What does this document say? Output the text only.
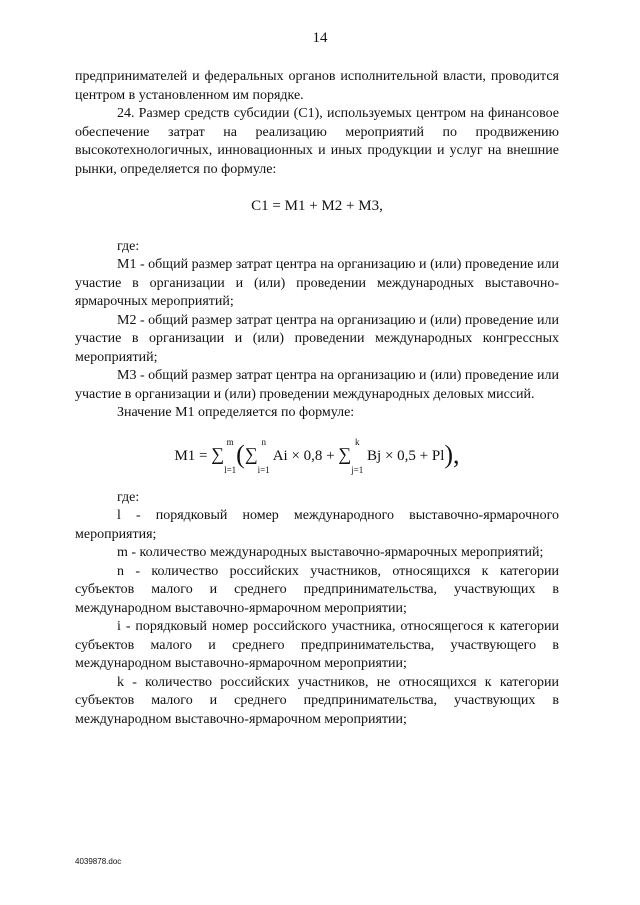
14

предпринимателей и федеральных органов исполнительной власти, проводится центром в установленном им порядке.

24. Размер средств субсидии (C1), используемых центром на финансовое обеспечение затрат на реализацию мероприятий по продвижению высокотехнологичных, инновационных и иных продукции и услуг на внешние рынки, определяется по формуле:

C1 = M1 + M2 + M3,

где:

M1 - общий размер затрат центра на организацию и (или) проведение или участие в организации и (или) проведении международных выставочно-ярмарочных мероприятий;

M2 - общий размер затрат центра на организацию и (или) проведение или участие в организации и (или) проведении международных конгрессных мероприятий;

M3 - общий размер затрат центра на организацию и (или) проведение или участие в организации и (или) проведении международных деловых миссий.

Значение M1 определяется по формуле:

M1 = ∑$^m$
$_{l=1}$(∑$^n$
$_{i=1}$ Ai × 0,8 + ∑$^k$
$_{j=1}$ Bj × 0,5 + Pl),

где:

l - порядковый номер международного выставочно-ярмарочного мероприятия;

m - количество международных выставочно-ярмарочных мероприятий;

n - количество российских участников, относящихся к категории субъектов малого и среднего предпринимательства, участвующих в международном выставочно-ярмарочном мероприятии;

i - порядковый номер российского участника, относящегося к категории субъектов малого и среднего предпринимательства, участвующего в международном выставочно-ярмарочном мероприятии;

k - количество российских участников, не относящихся к категории субъектов малого и среднего предпринимательства, участвующих в международном выставочно-ярмарочном мероприятии;

4039878.doc
